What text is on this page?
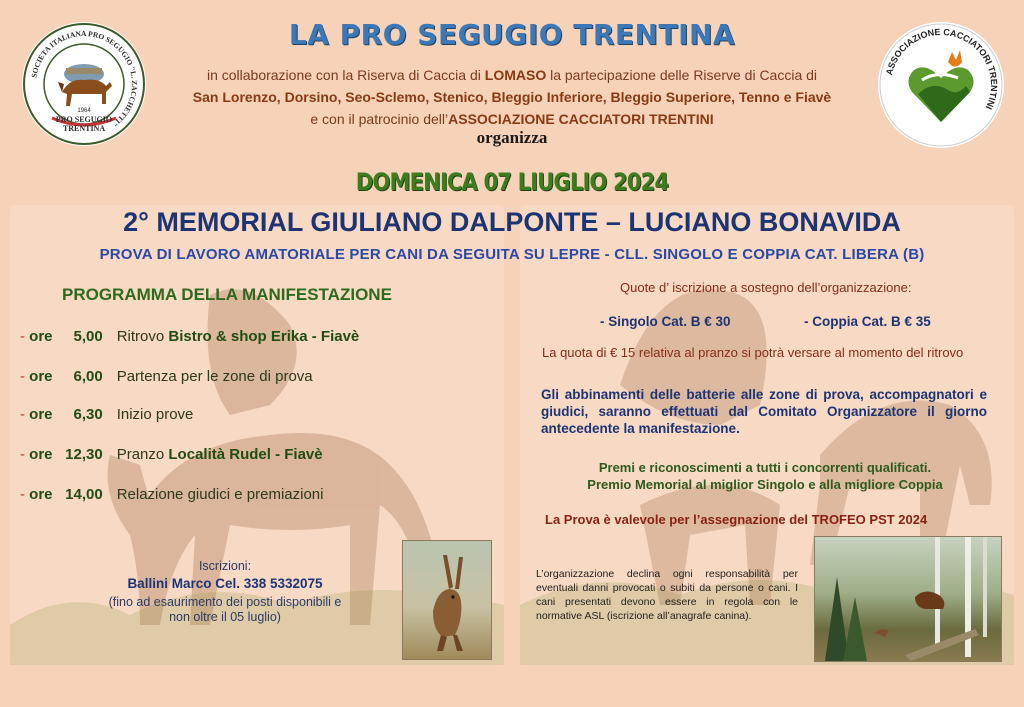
SOCIETA ITALIANA PRO SEGUGIO "L. ZACCHETTI"
PRO SEGUGIO
TRENTINA
1964
ASSOCIAZIONE CACCIATORI TRENTINI
LA PRO SEGUGIO TRENTINA
in collaborazione con la Riserva di Caccia di LOMASO la partecipazione delle Riserve di Caccia di
San Lorenzo, Dorsino, Seo-Sclemo, Stenico, Bleggio Inferiore, Bleggio Superiore, Tenno e Fiavè
e con il patrocinio dell’ASSOCIAZIONE CACCIATORI TRENTINI
organizza
DOMENICA 07 LIUGLIO 2024
2° MEMORIAL GIULIANO DALPONTE – LUCIANO BONAVIDA
PROVA DI LAVORO AMATORIALE PER CANI DA SEGUITA SU LEPRE - CLL. SINGOLO E COPPIA CAT. LIBERA (B)
PROGRAMMA DELLA MANIFESTAZIONE
- ore 5,00 Ritrovo Bistro & shop Erika - Fiavè
- ore 6,00 Partenza per le zone di prova
- ore 6,30 Inizio prove
- ore 12,30 Pranzo Località Rudel - Fiavè
- ore 14,00 Relazione giudici e premiazioni
Iscrizioni:
Ballini Marco Cel. 338 5332075
(fino ad esaurimento dei posti disponibili e
non oltre il 05 luglio)
Quote d’ iscrizione a sostegno dell’organizzazione:
- Singolo Cat. B € 30	- Coppia Cat. B € 35
La quota di € 15 relativa al pranzo si potrà versare al momento del ritrovo
Gli abbinamenti delle batterie alle zone di prova, accompagnatori e giudici, saranno effettuati dal Comitato Organizzatore il giorno antecedente la manifestazione.
Premi e riconoscimenti a tutti i concorrenti qualificati.
Premio Memorial al miglior Singolo e alla migliore Coppia
La Prova è valevole per l’assegnazione del TROFEO PST 2024
L’organizzazione declina ogni responsabilità per eventuali danni provocati o subiti da persone o cani. I cani presentati devono essere in regola con le normative ASL (iscrizione all’anagrafe canina).
